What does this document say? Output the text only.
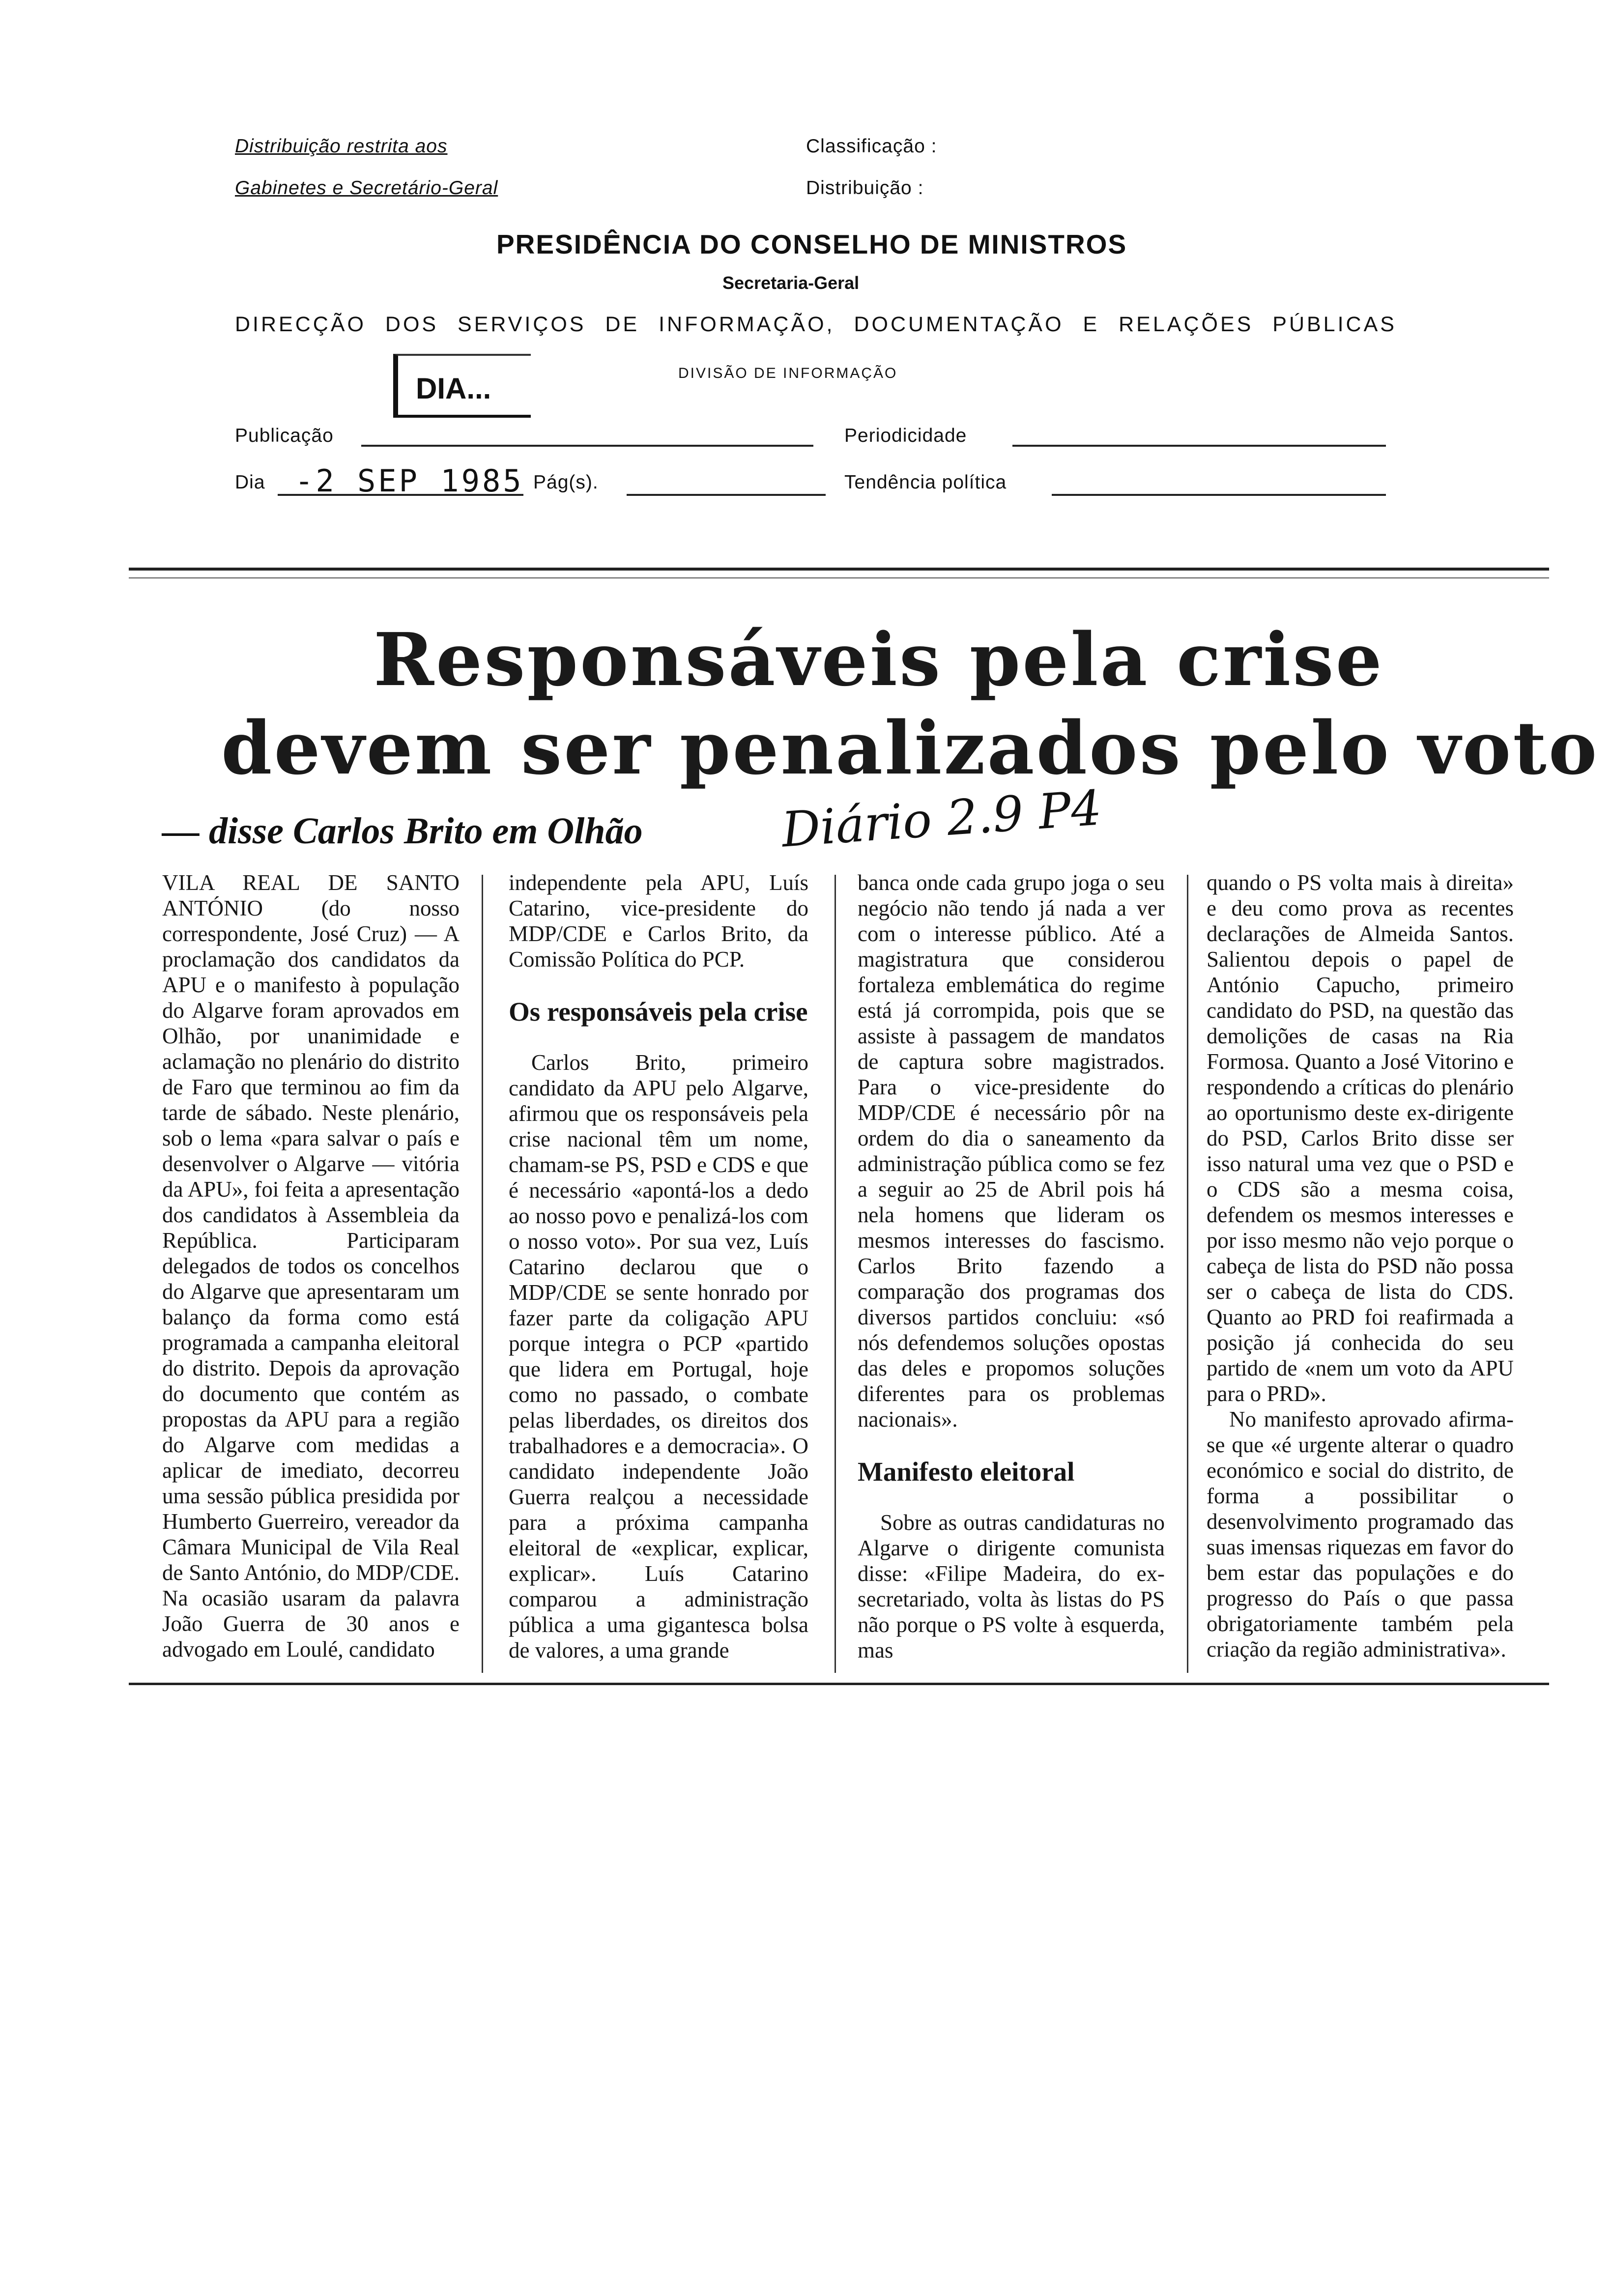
Distribuição restrita aos
Gabinetes e Secretário-Geral
Classificação :
Distribuição :
PRESIDÊNCIA DO CONSELHO DE MINISTROS
Secretaria-Geral
DIRECÇÃO DOS SERVIÇOS DE INFORMAÇÃO, DOCUMENTAÇÃO E RELAÇÕES PÚBLICAS
DIVISÃO DE INFORMAÇÃO
DIA...
Publicação	Periodicidade
Dia -2 SEP 1985 Pág(s).	Tendência política
Responsáveis pela crise
devem ser penalizados pelo voto
— disse Carlos Brito em Olhão	Diário 2.9 P4

VILA REAL DE SANTO ANTÓNIO (do nosso correspondente, José Cruz) — A proclamação dos candidatos da APU e o manifesto à população do Algarve foram aprovados em Olhão, por unanimidade e aclamação no plenário do distrito de Faro que terminou ao fim da tarde de sábado. Neste plenário, sob o lema «para salvar o país e desenvolver o Algarve — vitória da APU», foi feita a apresentação dos candidatos à Assembleia da República. Participaram delegados de todos os concelhos do Algarve que apresentaram um balanço da forma como está programada a campanha eleitoral do distrito. Depois da aprovação do documento que contém as propostas da APU para a região do Algarve com medidas a aplicar de imediato, decorreu uma sessão pública presidida por Humberto Guerreiro, vereador da Câmara Municipal de Vila Real de Santo António, do MDP/CDE. Na ocasião usaram da palavra João Guerra de 30 anos e advogado em Loulé, candidato

independente pela APU, Luís Catarino, vice-presidente do MDP/CDE e Carlos Brito, da Comissão Política do PCP.

Os responsáveis pela crise

Carlos Brito, primeiro candidato da APU pelo Algarve, afirmou que os responsáveis pela crise nacional têm um nome, chamam-se PS, PSD e CDS e que é necessário «apontá-los a dedo ao nosso povo e penalizá-los com o nosso voto». Por sua vez, Luís Catarino declarou que o MDP/CDE se sente honrado por fazer parte da coligação APU porque integra o PCP «partido que lidera em Portugal, hoje como no passado, o combate pelas liberdades, os direitos dos trabalhadores e a democracia». O candidato independente João Guerra realçou a necessidade para a próxima campanha eleitoral de «explicar, explicar, explicar». Luís Catarino comparou a administração pública a uma gigantesca bolsa de valores, a uma grande

banca onde cada grupo joga o seu negócio não tendo já nada a ver com o interesse público. Até a magistratura que considerou fortaleza emblemática do regime está já corrompida, pois que se assiste à passagem de mandatos de captura sobre magistrados. Para o vice-presidente do MDP/CDE é necessário pôr na ordem do dia o saneamento da administração pública como se fez a seguir ao 25 de Abril pois há nela homens que lideram os mesmos interesses do fascismo. Carlos Brito fazendo a comparação dos programas dos diversos partidos concluiu: «só nós defendemos soluções opostas das deles e propomos soluções diferentes para os problemas nacionais».

Manifesto eleitoral

Sobre as outras candidaturas no Algarve o dirigente comunista disse: «Filipe Madeira, do ex-secretariado, volta às listas do PS não porque o PS volte à esquerda, mas

quando o PS volta mais à direita» e deu como prova as recentes declarações de Almeida Santos. Salientou depois o papel de António Capucho, primeiro candidato do PSD, na questão das demolições de casas na Ria Formosa. Quanto a José Vitorino e respondendo a críticas do plenário ao oportunismo deste ex-dirigente do PSD, Carlos Brito disse ser isso natural uma vez que o PSD e o CDS são a mesma coisa, defendem os mesmos interesses e por isso mesmo não vejo porque o cabeça de lista do PSD não possa ser o cabeça de lista do CDS. Quanto ao PRD foi reafirmada a posição já conhecida do seu partido de «nem um voto da APU para o PRD».

No manifesto aprovado afirma-se que «é urgente alterar o quadro económico e social do distrito, de forma a possibilitar o desenvolvimento programado das suas imensas riquezas em favor do bem estar das populações e do progresso do País o que passa obrigatoriamente também pela criação da região administrativa».
